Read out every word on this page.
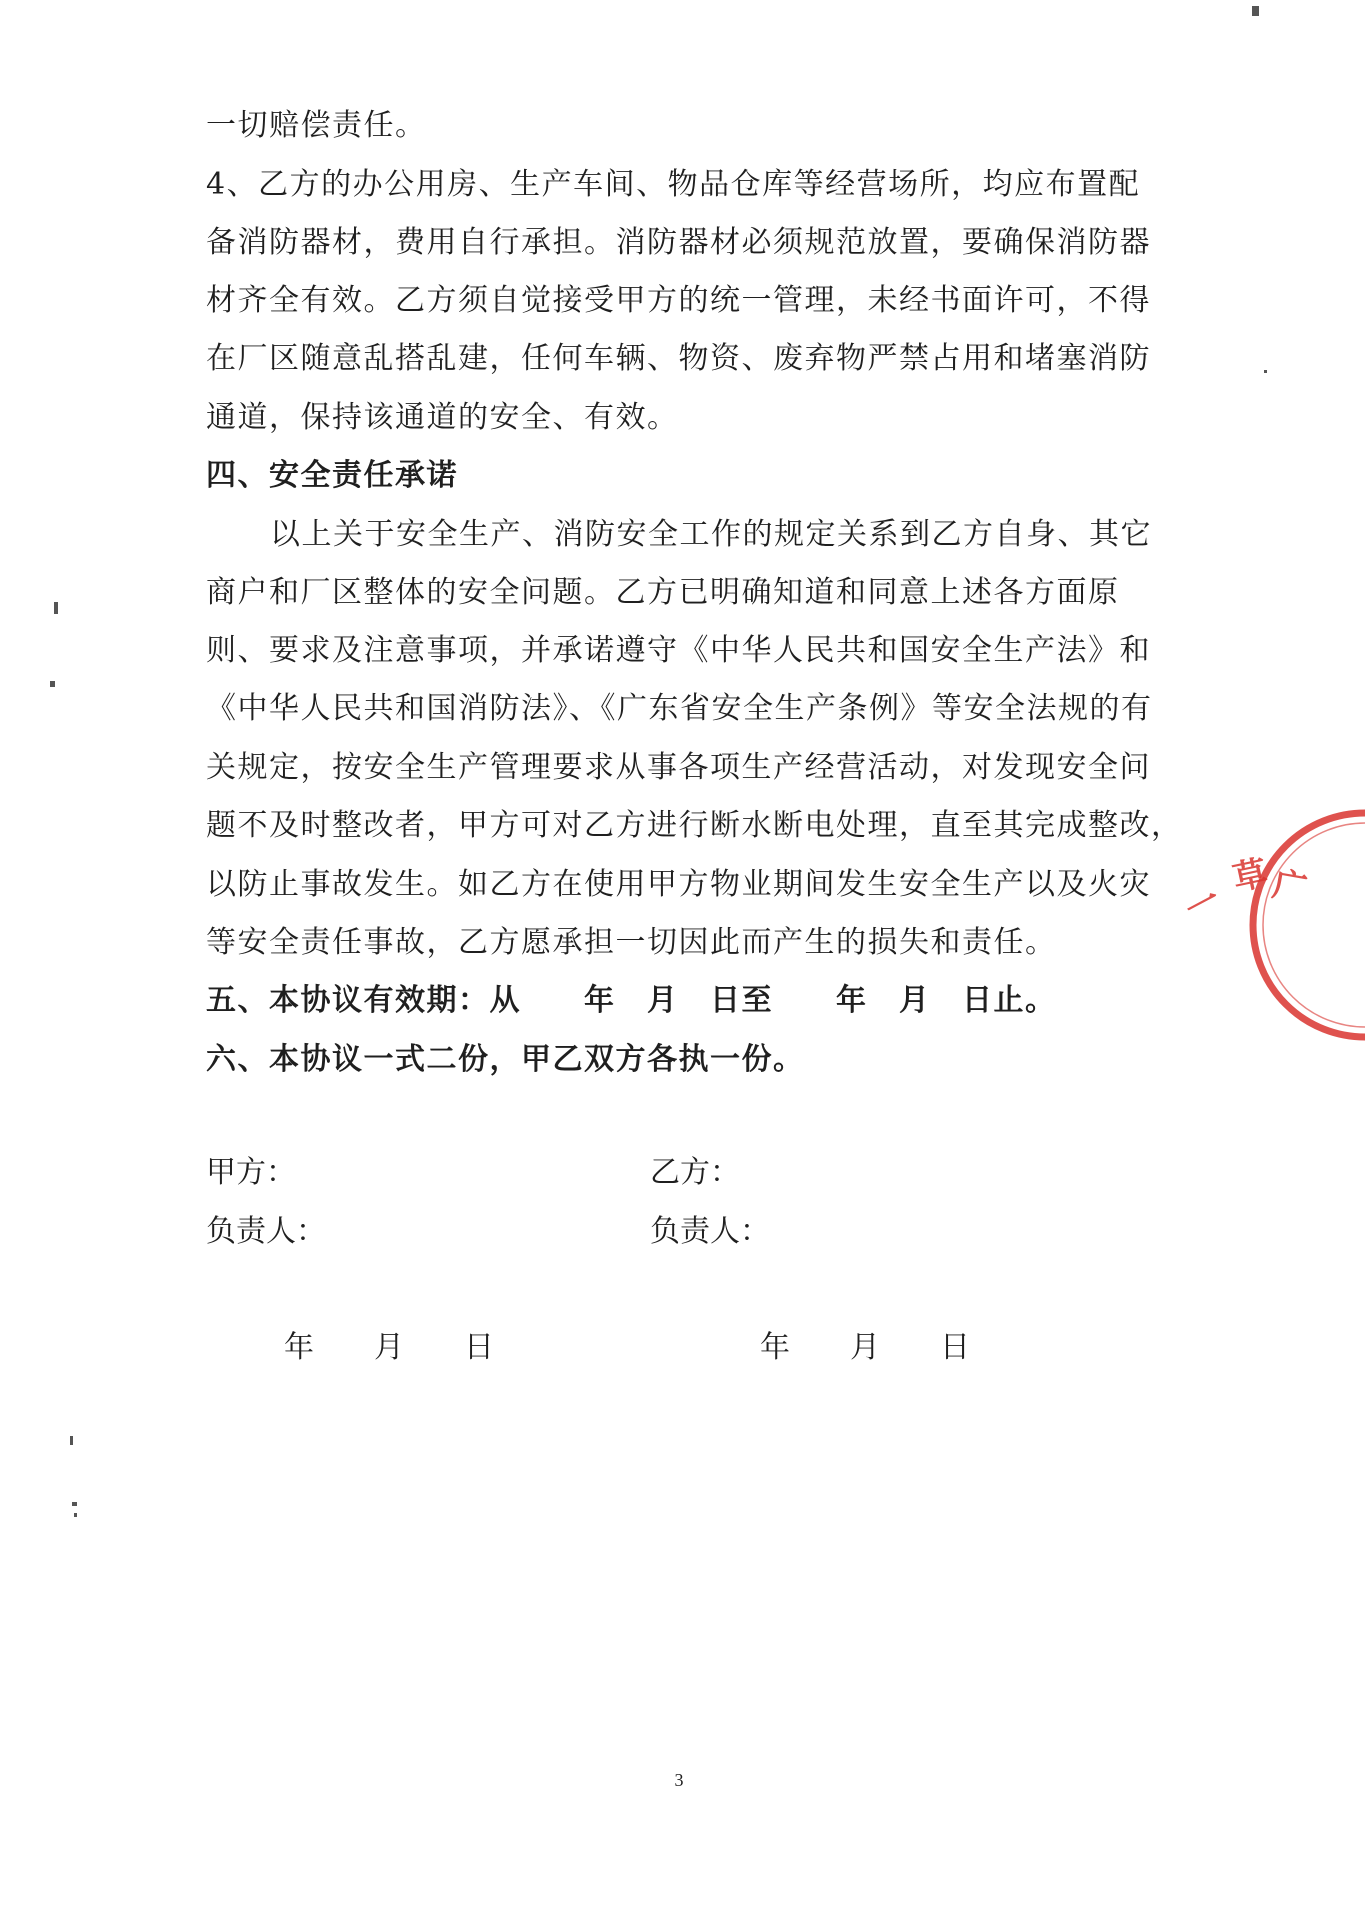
一切赔偿责任。
4、乙方的办公用房、生产车间、物品仓库等经营场所，均应布置配
备消防器材，费用自行承担。消防器材必须规范放置，要确保消防器
材齐全有效。乙方须自觉接受甲方的统一管理，未经书面许可，不得
在厂区随意乱搭乱建，任何车辆、物资、废弃物严禁占用和堵塞消防
通道，保持该通道的安全、有效。
四、安全责任承诺
以上关于安全生产、消防安全工作的规定关系到乙方自身、其它
商户和厂区整体的安全问题。乙方已明确知道和同意上述各方面原
则、要求及注意事项，并承诺遵守《中华人民共和国安全生产法》和
《中华人民共和国消防法》、《广东省安全生产条例》等安全法规的有
关规定，按安全生产管理要求从事各项生产经营活动，对发现安全问
题不及时整改者，甲方可对乙方进行断水断电处理，直至其完成整改，
以防止事故发生。如乙方在使用甲方物业期间发生安全生产以及火灾
等安全责任事故，乙方愿承担一切因此而产生的损失和责任。
五、本协议有效期：从　　年　月　日至　　年　月　日止。
六、本协议一式二份，甲乙双方各执一份。
甲方：	乙方：
负责人：	负责人：
年　　月　　日	年　　月　　日
3
一
草
广
